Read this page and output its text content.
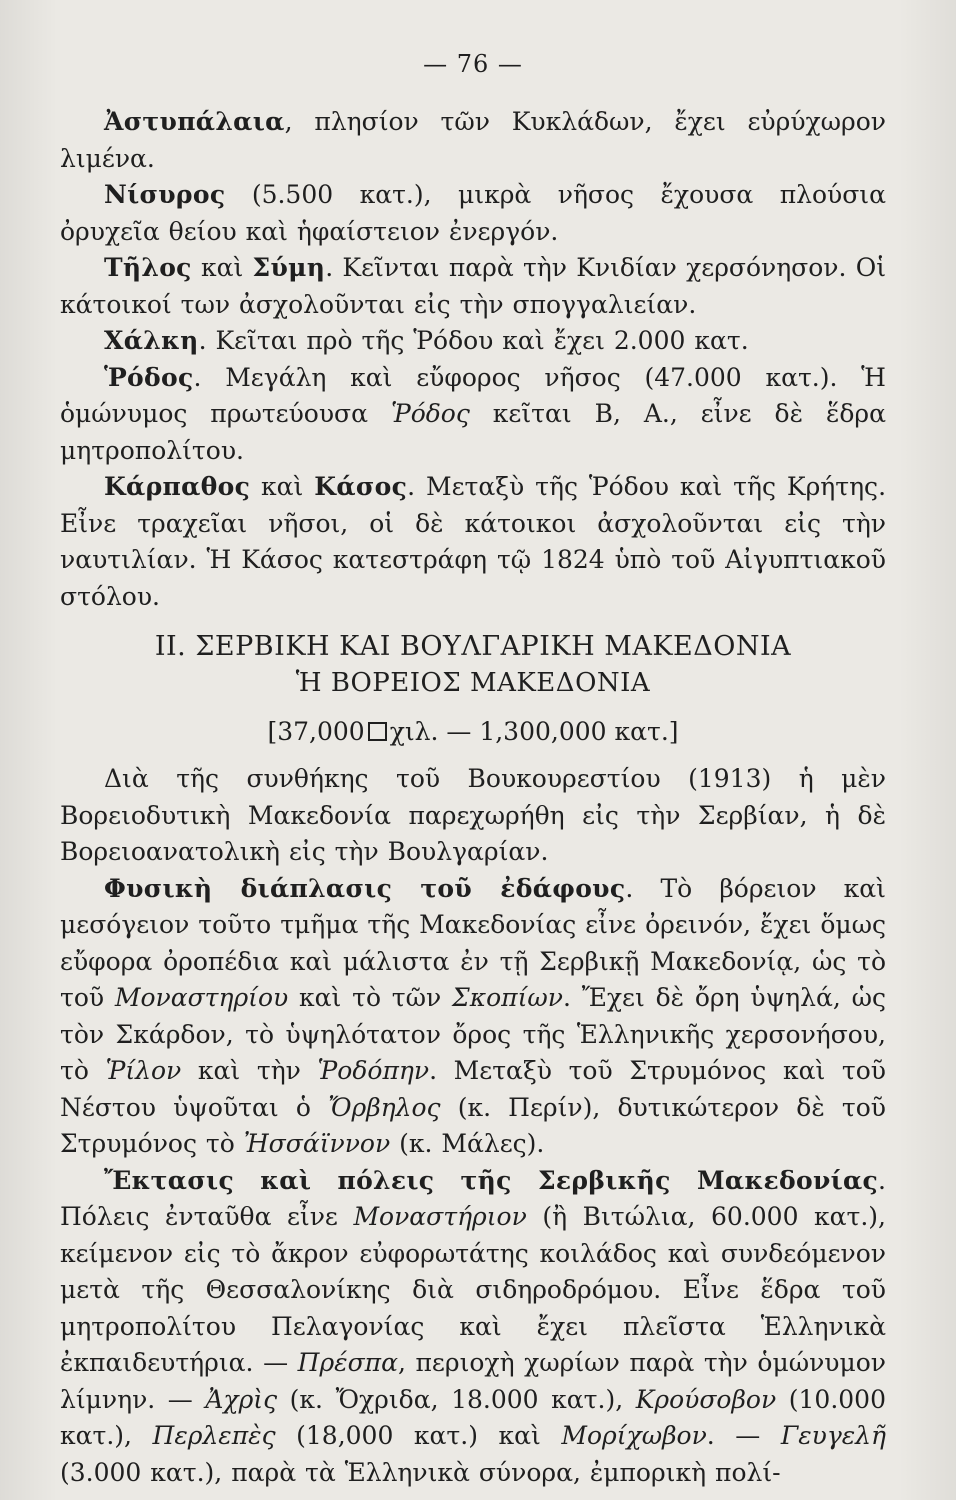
— 76 —

Ἀστυπάλαια, πλησίον τῶν Κυκλάδων, ἔχει εὐρύχωρον λιμένα.

Νίσυρος (5.500 κατ.), μικρὰ νῆσος ἔχουσα πλούσια ὀρυχεῖα θείου καὶ ἡφαίστειον ἐνεργόν.

Τῆλος καὶ Σύμη. Κεῖνται παρὰ τὴν Κνιδίαν χερσόνησον. Οἱ κάτοικοί των ἀσχολοῦνται εἰς τὴν σπογγαλιείαν.

Χάλκη. Κεῖται πρὸ τῆς Ῥόδου καὶ ἔχει 2.000 κατ.

Ῥόδος. Μεγάλη καὶ εὔφορος νῆσος (47.000 κατ.). Ἡ ὁμώνυμος πρωτεύουσα Ῥόδος κεῖται Β, Α., εἶνε δὲ ἕδρα μητροπολίτου.

Κάρπαθος καὶ Κάσος. Μεταξὺ τῆς Ῥόδου καὶ τῆς Κρήτης. Εἶνε τραχεῖαι νῆσοι, οἱ δὲ κάτοικοι ἀσχολοῦνται εἰς τὴν ναυτιλίαν. Ἡ Κάσος κατεστράφη τῷ 1824 ὑπὸ τοῦ Αἰγυπτιακοῦ στόλου.

II. ΣΕΡΒΙΚΗ ΚΑΙ ΒΟΥΛΓΑΡΙΚΗ ΜΑΚΕΔΟΝΙΑ
Ἡ ΒΟΡΕΙΟΣ ΜΑΚΕΔΟΝΙΑ
[37,000 χιλ. — 1,300,000 κατ.]

Διὰ τῆς συνθήκης τοῦ Βουκουρεστίου (1913) ἡ μὲν Βορειοδυτικὴ Μακεδονία παρεχωρήθη εἰς τὴν Σερβίαν, ἡ δὲ Βορειοανατολικὴ εἰς τὴν Βουλγαρίαν.

Φυσικὴ διάπλασις τοῦ ἐδάφους. Τὸ βόρειον καὶ μεσόγειον τοῦτο τμῆμα τῆς Μακεδονίας εἶνε ὀρεινόν, ἔχει ὅμως εὔφορα ὀροπέδια καὶ μάλιστα ἐν τῇ Σερβικῇ Μακεδονίᾳ, ὡς τὸ τοῦ Μοναστηρίου καὶ τὸ τῶν Σκοπίων. Ἔχει δὲ ὄρη ὑψηλά, ὡς τὸν Σκάρδον, τὸ ὑψηλότατον ὄρος τῆς Ἑλληνικῆς χερσονήσου, τὸ Ῥίλον καὶ τὴν Ῥοδόπην. Μεταξὺ τοῦ Στρυμόνος καὶ τοῦ Νέστου ὑψοῦται ὁ Ὄρβηλος (κ. Περίν), δυτικώτερον δὲ τοῦ Στρυμόνος τὸ Ἠσσάϊννον (κ. Μάλες).

Ἔκτασις καὶ πόλεις τῆς Σερβικῆς Μακεδονίας. Πόλεις ἐνταῦθα εἶνε Μοναστήριον (ἢ Βιτώλια, 60.000 κατ.), κείμενον εἰς τὸ ἄκρον εὐφορωτάτης κοιλάδος καὶ συνδεόμενον μετὰ τῆς Θεσσαλονίκης διὰ σιδηροδρόμου. Εἶνε ἕδρα τοῦ μητροπολίτου Πελαγονίας καὶ ἔχει πλεῖστα Ἑλληνικὰ ἐκπαιδευτήρια. — Πρέσπα, περιοχὴ χωρίων παρὰ τὴν ὁμώνυμον λίμνην. — Ἀχρὶς (κ. Ὄχριδα, 18.000 κατ.), Κρούσοβον (10.000 κατ.), Περλεπὲς (18,000 κατ.) καὶ Μορίχωβον. — Γευγελῆ (3.000 κατ.), παρὰ τὰ Ἑλληνικὰ σύνορα, ἐμπορικὴ πολί-
